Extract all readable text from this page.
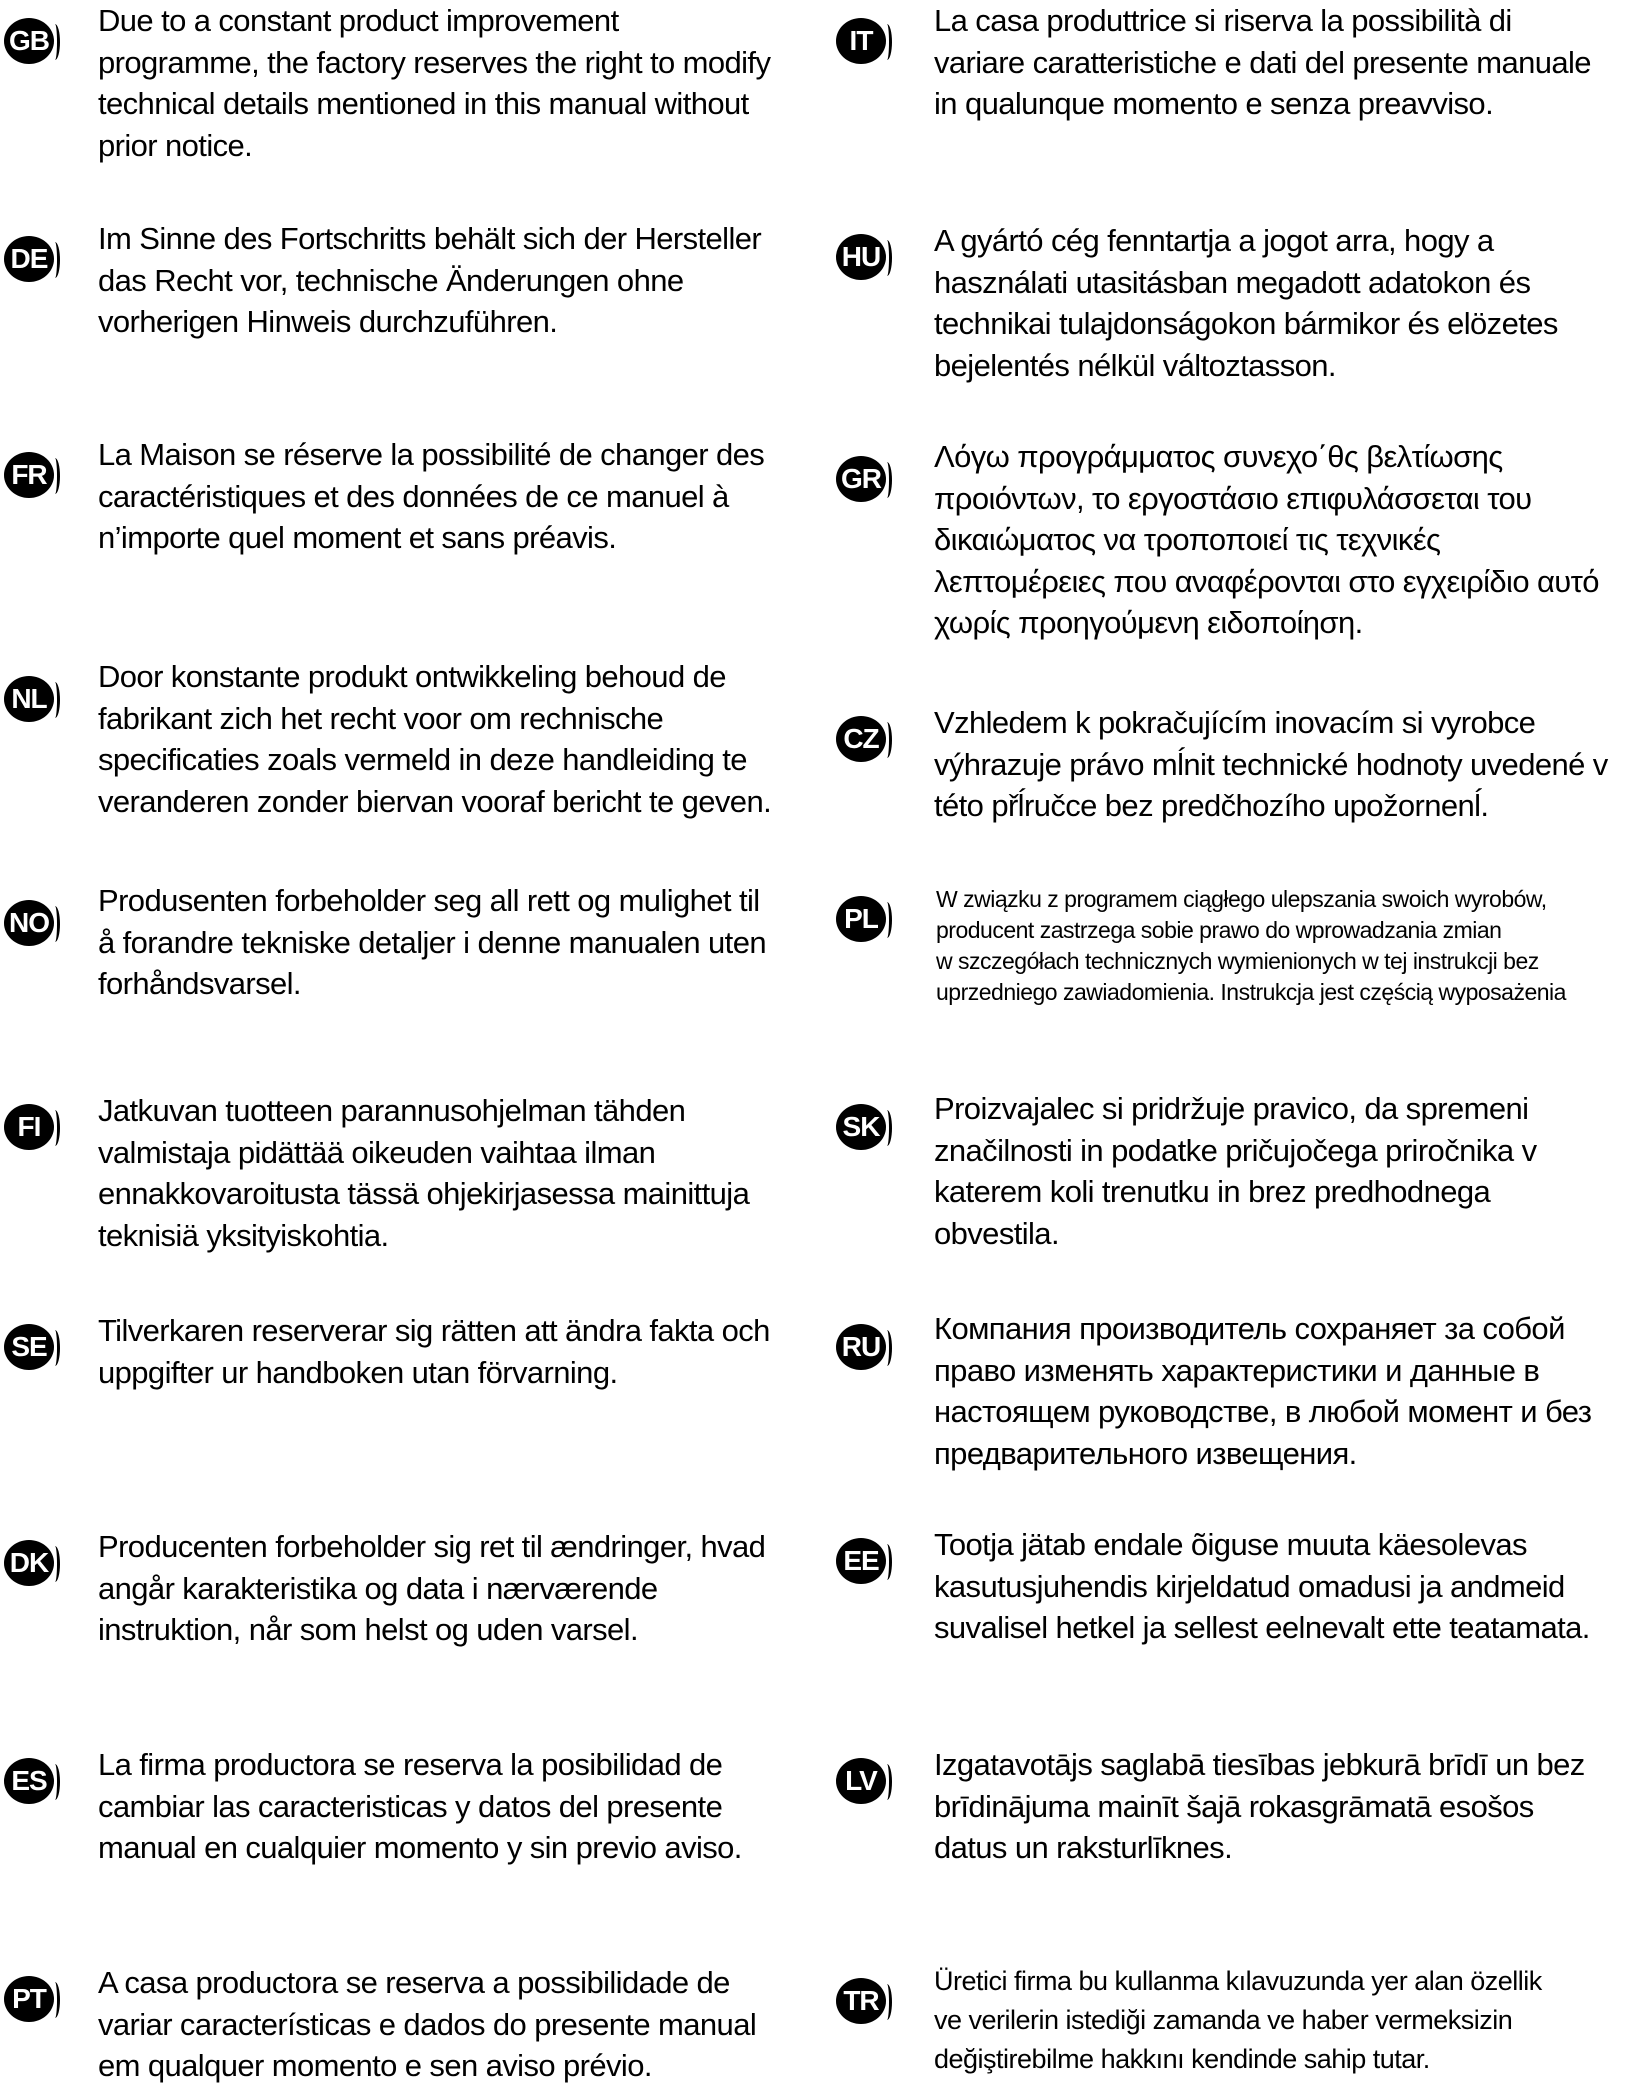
GB
Due to a constant product improvement
programme, the factory reserves the right to modify
technical details mentioned in this manual without
prior notice.
DE
Im Sinne des Fortschritts behält sich der Hersteller
das Recht vor, technische Änderungen ohne
vorherigen Hinweis durchzuführen.
FR
La Maison se réserve la possibilité de changer des
caractéristiques et des données de ce manuel à
n’importe quel moment et sans préavis.
NL
Door konstante produkt ontwikkeling behoud de
fabrikant zich het recht voor om rechnische
specificaties zoals vermeld in deze handleiding te
veranderen zonder biervan vooraf bericht te geven.
NO
Produsenten forbeholder seg all rett og mulighet til
å forandre tekniske detaljer i denne manualen uten
forhåndsvarsel.
FI	Jatkuvan tuotteen parannusohjelman tähden
valmistaja pidättää oikeuden vaihtaa ilman
ennakkovaroitusta tässä ohjekirjasessa mainittuja
teknisiä yksityiskohtia.
SE Tilverkaren reserverar sig rätten att ändra fakta och
uppgifter ur handboken utan förvarning.
DK Producenten forbeholder sig ret til ændringer, hvad
angår karakteristika og data i nærværende
instruktion, når som helst og uden varsel.
ES La firma productora se reserva la posibilidad de
cambiar las caracteristicas y datos del presente
manual en cualquier momento y sin previo aviso.
PT A casa productora se reserva a possibilidade de
variar características e dados do presente manual
em qualquer momento e sen aviso prévio.
IT
La casa produttrice si riserva la possibilità di
variare caratteristiche e dati del presente manuale
in qualunque momento e senza preavviso.
HU A gyártó cég fenntartja a jogot arra, hogy a
használati utasitásban megadott adatokon és
technikai tulajdonságokon bármikor és elözetes
bejelentés nélkül változtasson.
GR
Λόγω προγράμματος συνεχο΄θς βελτίωσης
προιόντων, το εργοστάσιο επιφυλάσσεται του
δικαιώματος να τροποποιεί τις τεχνικές
λεπτομέρειες που αναφέρονται στο εγχειρίδιο αυτό
χωρίς προηγούμενη ειδοποίηση.
CZ Vzhledem k pokračujícím inovacím si vyrobce
výhrazuje právo mĺnit technické hodnoty uvedené v
této přĺručce bez predčhozího upožornenĺ.
PL
W związku z programem ciągłego ulepszania swoich wyrobów,
producent zastrzega sobie prawo do wprowadzania zmian
w szczegółach technicznych wymienionych w tej instrukcji bez
uprzedniego zawiadomienia. Instrukcja jest częścią wyposażenia
SK
Proizvajalec si pridržuje pravico, da spremeni
značilnosti in podatke pričujočega priročnika v
katerem koli trenutku in brez predhodnega
obvestila.
RU
Компания производитель сохраняет за собой
право изменять характеристики и данные в
настоящем руководстве, в любой момент и без
предварительного извещения.
EE Tootja jätab endale õiguse muuta käesolevas
kasutusjuhendis kirjeldatud omadusi ja andmeid
suvalisel hetkel ja sellest eelnevalt ette teatamata.
LV Izgatavotājs saglabā tiesības jebkurā brīdī un bez
brīdinājuma mainīt šajā rokasgrāmatā esošos
datus un raksturlīknes.
TR
Üretici firma bu kullanma kılavuzunda yer alan özellik
ve verilerin istediği zamanda ve haber vermeksizin
değiştirebilme hakkını kendinde sahip tutar.
